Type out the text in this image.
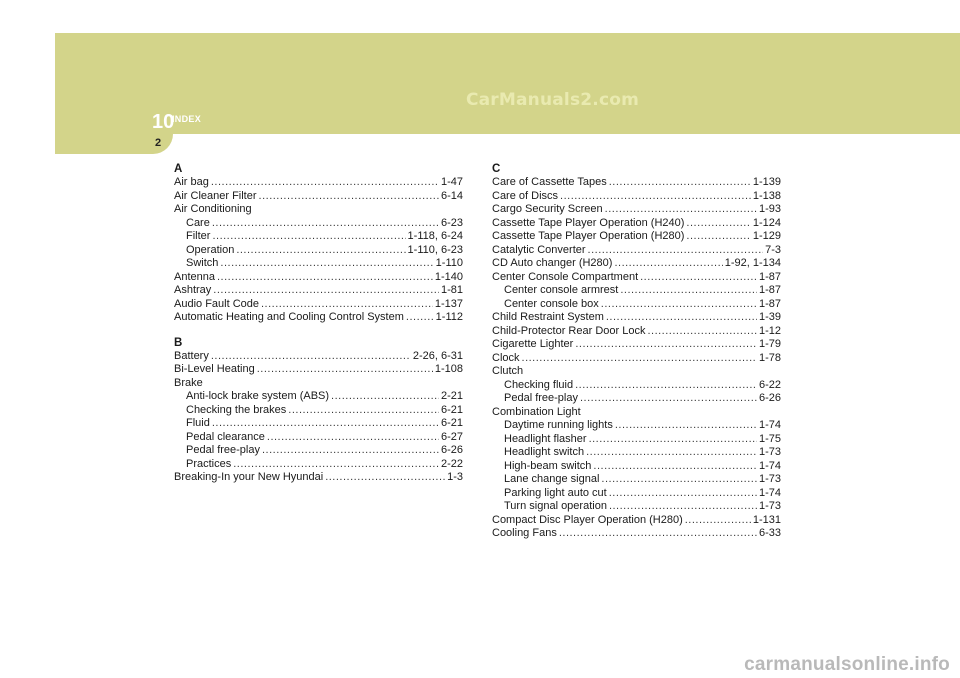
CarManuals2.com
10
INDEX
2
A
Air bag .....	1-47
Air Cleaner Filter .....	6-14
Air Conditioning
Care .....	6-23
Filter .....	1-118, 6-24
Operation .....	1-110, 6-23
Switch .....	1-110
Antenna .....	1-140
Ashtray .....	1-81
Audio Fault Code .....	1-137
Automatic Heating and Cooling Control System .....	1-112
B
Battery .....	2-26, 6-31
Bi-Level Heating .....	1-108
Brake
Anti-lock brake system (ABS) .....	2-21
Checking the brakes .....	6-21
Fluid .....	6-21
Pedal clearance .....	6-27
Pedal free-play .....	6-26
Practices .....	2-22
Breaking-In your New Hyundai .....	1-3
C
Care of Cassette Tapes .....	1-139
Care of Discs .....	1-138
Cargo Security Screen .....	1-93
Cassette Tape Player Operation (H240) .....	1-124
Cassette Tape Player Operation (H280) .....	1-129
Catalytic Converter .....	7-3
CD Auto changer (H280) .....	1-92, 1-134
Center Console Compartment .....	1-87
Center console armrest .....	1-87
Center console box .....	1-87
Child Restraint System .....	1-39
Child-Protector Rear Door Lock .....	1-12
Cigarette Lighter .....	1-79
Clock .....	1-78
Clutch
Checking fluid .....	6-22
Pedal free-play .....	6-26
Combination Light
Daytime running lights .....	1-74
Headlight flasher .....	1-75
Headlight switch .....	1-73
High-beam switch .....	1-74
Lane change signal .....	1-73
Parking light auto cut .....	1-74
Turn signal operation .....	1-73
Compact Disc Player Operation (H280) .....	1-131
Cooling Fans .....	6-33
carmanualsonline.info
